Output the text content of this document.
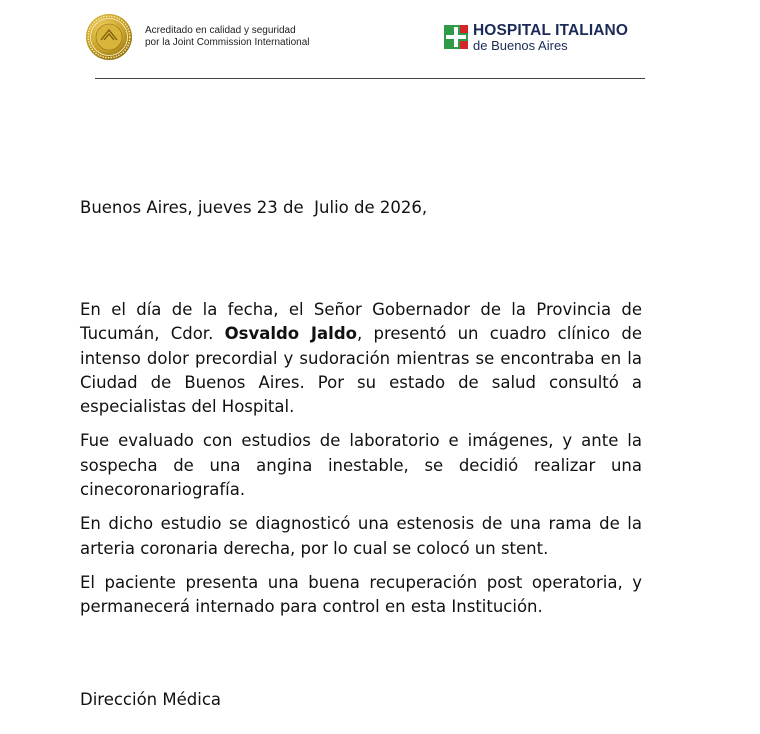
Acreditado en calidad y seguridad
por la Joint Commission International
HOSPITAL ITALIANO
de Buenos Aires
Buenos Aires, jueves 23 de  Julio de 2026,

En el día de la fecha, el Señor Gobernador de la Provincia de Tucumán, Cdor. Osvaldo Jaldo, presentó un cuadro clínico de intenso dolor precordial y sudoración mientras se encontraba en la Ciudad de Buenos Aires. Por su estado de salud consultó a especialistas del Hospital.

Fue evaluado con estudios de laboratorio e imágenes, y ante la sospecha de una angina inestable, se decidió realizar una cinecoronariografía.

En dicho estudio se diagnosticó una estenosis de una rama de la arteria coronaria derecha, por lo cual se colocó un stent.

El paciente presenta una buena recuperación post operatoria, y permanecerá internado para control en esta Institución.

Dirección Médica
